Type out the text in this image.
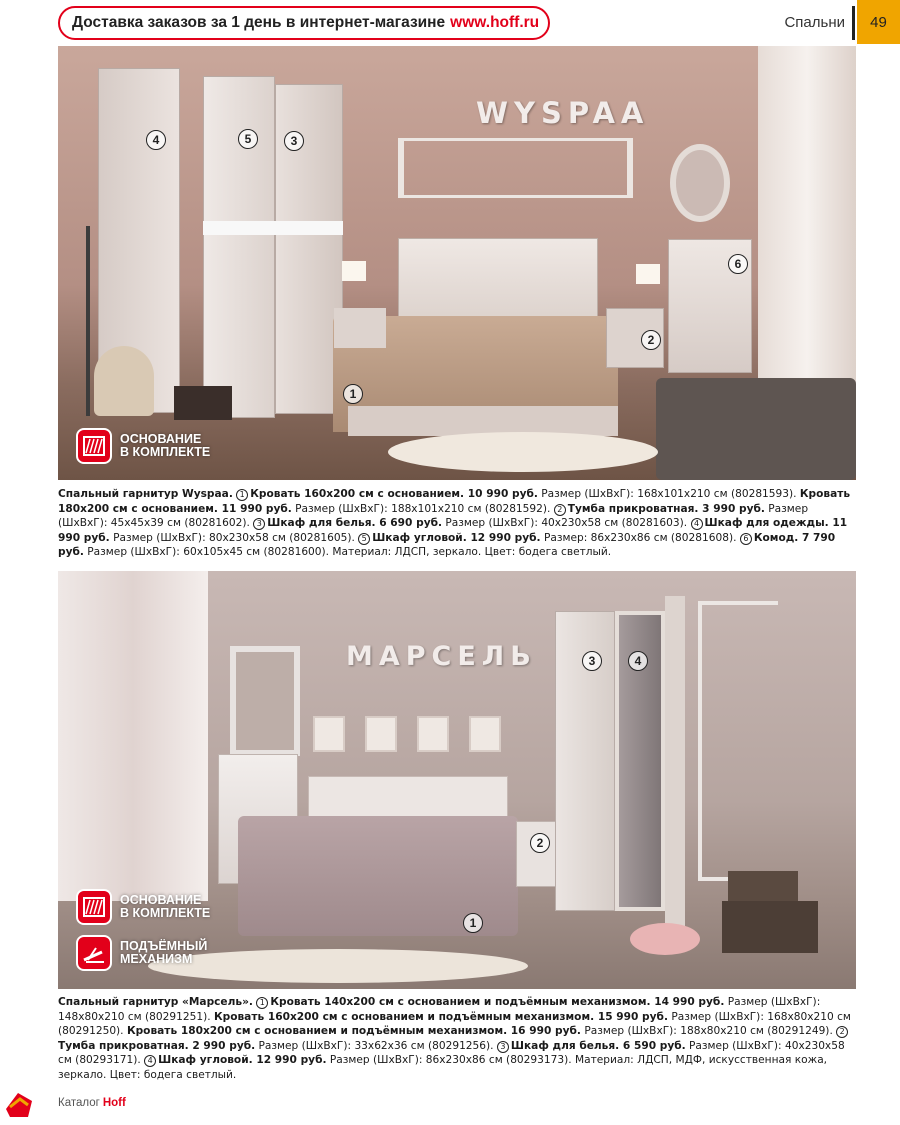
Доставка заказов за 1 день в интернет-магазине www.hoff.ru	Спальни	49
WYSPAA
4	5	3
6
2
1
ОСНОВАНИЕ
В КОМПЛЕКТЕ
Спальный гарнитур Wyspaa. 1 Кровать 160х200 см с основанием. 10 990 руб. Размер (ШхВхГ): 168х101х210 см (80281593). Кровать 180х200 см с основанием. 11 990 руб. Размер (ШхВхГ): 188х101х210 см (80281592). 2 Тумба прикроватная. 3 990 руб. Размер (ШхВхГ): 45х45х39 см (80281602). 3 Шкаф для белья. 6 690 руб. Размер (ШхВхГ): 40х230х58 см (80281603). 4 Шкаф для одежды. 11 990 руб. Размер (ШхВхГ): 80х230х58 см (80281605). 5 Шкаф угловой. 12 990 руб. Размер: 86х230х86 см (80281608). 6 Комод. 7 790 руб. Размер (ШхВхГ): 60х105х45 см (80281600). Материал: ЛДСП, зеркало. Цвет: бодега светлый.
МАРСЕЛЬ	3	4
2
1
ОСНОВАНИЕ
В КОМПЛЕКТЕ
ПОДЪЁМНЫЙ
МЕХАНИЗМ
Спальный гарнитур «Марсель». 1 Кровать 140х200 см с основанием и подъёмным механизмом. 14 990 руб. Размер (ШхВхГ): 148х80х210 см (80291251). Кровать 160х200 см с основанием и подъёмным механизмом. 15 990 руб. Размер (ШхВхГ): 168х80х210 см (80291250). Кровать 180х200 см с основанием и подъёмным механизмом. 16 990 руб. Размер (ШхВхГ): 188х80х210 см (80291249). 2Тумба прикроватная. 2 990 руб. Размер (ШхВхГ): 33х62х36 см (80291256). 3 Шкаф для белья. 6 590 руб. Размер (ШхВхГ): 40х230х58 см (80293171). 4 Шкаф угловой. 12 990 руб. Размер (ШхВхГ): 86х230х86 см (80293173). Материал: ЛДСП, МДФ, искусственная кожа, зеркало. Цвет: бодега светлый.
Каталог Hoff
